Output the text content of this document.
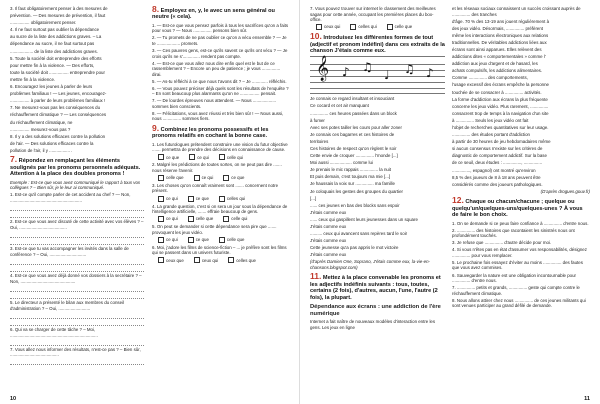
3. Il faut obligatoirement penser à des mesures de

prévention. — Des mesures de prévention, il faut

................ obligatoirement penser.

4. Il ne faut surtout pas oublier la dépendance

au sucre de la liste des addictions graves. – La

dépendance au sucre, il ne faut surtout pas

................... de la liste des addictions graves.

5. Toute la société doit entreprendre des efforts

pour mettre fin à la violence. — Des efforts,

toute la société doit ................ entreprendre pour

mettre fin à la violence.

6. Encouragez les jeunes à parler de leurs

problèmes familiaux ! — Les jeunes, encouragez-

................ à parler de leurs problèmes familiaux !

7. Ne mesurez-vous pas les conséquences du

réchauffement climatique ? — Les conséquences

du réchauffement climatique, ne

................ mesurez-vous pas ?

8. Il y a des solutions efficaces contre la pollution

de l'air. — Des solutions efficaces contre la

pollution de l'air, il y ................. .

7. Répondez en remplaçant les éléments soulignés par les pronoms personnels adéquats. Attention à la place des doubles pronoms !

Exemple : Est-ce que vous avez communiqué le rapport à tous vos collègues ? – Bien sûr, je le leur ai communiqué.

1. Est-ce qu'il compte parler de cet accident au chef ? — Non, ...........................................................

2. Est-ce que vous avez discuté de cette activité avec vos élèves ? – Oui, .......................................

3. Est-ce que tu vas accompagner les invités dans la salle de conférence ? – Oui, ..............................

4. Est-ce que vous avez déjà donné vos dossiers à la secrétaire ? – Non, .............................................

5. Le directeur a présenté le bilan aux membres du conseil d'administration ? – Oui, ..........................

6. Qui va se charger de cette tâche ? – Moi, ........................................................................

7. Vous allez nous informer des résultats, n'est-ce pas ? – Bien sûr, ........................................

8. Employez en, y, le avec un sens général ou neutre (« cela).

1. — Est-ce que vous pensez parfois à tous les sacrifices qu'on a faits pour vous ? — Nous ............... pensons bien sûr.

2. — Tu promets de ne pas oublier ce qu'on a vécu ensemble ? — Je te ................... promets.

3. — Ces pauvres gens, est-ce qu'ils savent ce qu'ils ont vécu ? — Je crois qu'ils ne s'.............. rendent pas compte.

4. — Est-ce que vous allez nous dire enfin quel est le but de ce rassemblement ? – Encore un peu de patience ; je vous ............... dirai.

5. — As-tu réfléchi à ce que nous t'avons dit ? – Je ............. réfléchis.

6. — Vous pouvez préciser déjà quels sont les résultats de l'enquête ? – En sont beaucoup plus alarmants qu'on ne ................ pensait.

7. — De lourdes épreuves nous attendent. — Nous ................... sommes bien conscients.

8. — Félicitations, vous avez réussi et très bien sûr ! — Nous aussi, nous ............... sommes fiers.

9. Combinez les pronoms possessifs et les pronoms relatifs en cochant la bonne case.

1. Les futurologues prétendent construire une vision du futur objective ....... permettra de prendre des décisions en connaissance de cause.

ce que	ce qui	celle qui

2. Malgré les prédictions de toutes sortes, on ne peut pas dire ....... nous réserve l'avenir.

celle que	ce qui	ce que

3. Les choses qu'on connaît vraiment sont ....... concernent notre présent.

ce qui	ce que	celles qui

4. La grande question, c'est si on sera un jour sous la dépendance de l'intelligence artificielle, ....... effraie beaucoup de gens.

ce qui	celle que	celle qui

5. On peut se demander si cette dépendance sera pire que ....... provoquent les jeux vidéo.

ce qui	ce que	celle que

6. Moi, j'adore les films de science-fiction – ... je préfère sont les films qui se passent dans un univers futuriste.

ceux que	ceux qui	celles que
10

7. Vous pouvez trouver sur internet le classement des meilleures sagas pour cette année, occupant les premières places du box-office.

ceux qui	celles qui	celle que
10. Introduisez les différentes formes de tout (adjectif et pronom indéfini) dans ces extraits de la chanson J'étais comme eux.
𝄞 ♪ ♫
♩ ♫ ♪

Je connais ce regard insultant et insouciant

Ce cocard et cet air manquant

............... ces heures passées dans un block

à fumer

Avec ses potes tailler les cours pour aller zoner

Je connais ces bagarres et ces histoires de

territoires

Ces histoires de respect qu'on règlent le soir

Cette envie de croquer ............... l'monde [...]

Moi aussi .................. comme lui

Je prenais le mic rappais ............... la nuit

Et puis demain, c'est toujours ma mie [...]

Je haussais la voix sur ............... ma famille

Je coloquais les gestes des groupes du quartier

[...]

...... ces jeunes en bas des blocks sans espoir

J'étais comme eux

...... ceux qui gaspillent leurs jeunesses dans un square

J'étais comme eux

.......... ceux qui avancent sans repères tard le soir

J'étais comme eux

Cette jeunesse qu'a pas appris le mot victoire

J'étais comme eux

(d'après Damien One, Soprano, J'étais comme eux, la-vie-en-chansons.blogspot.com)

11. Mettez à la place convenable les pronoms et les adjectifs indéfinis suivants : tous, toutes, certains (2 fois), d'autres, aucun, l'une, l'autre (2 fois), la plupart.
Dépendance aux écrans : une addiction de l'ère numérique

Internet a fait naître de nouveaux modèles d'interaction entre les gens. Les jeux en ligne

et les réseaux sociaux connaissent un succès croissant auprès de ............... des tranches

d'âge. 70 % des 13-19 ans jouent régulièrement à

des jeux vidéo. Désormais, ............... préfèrent

même les interactions électroniques aux relations

traditionnelles. De véritables addictions liées aux

écrans sont ainsi apparues. Elles relèvent des

addictions dites « comportementales » comme l'

addiction aux jeux d'argent et de hasard, les

achats compulsifs, les addictions alimentaires.

Comme ............... des comportements,

l'usage excessif des écrans empêche la personne

touchée de se consacrer à ............... activités.

La forme d'addiction aux écrans la plus fréquente

concerne les jeux vidéo. Plus rarement, ...............

consacrent trop de temps à la navigation d'un site

à ............... Seuls les jeux vidéo ont fait

l'objet de recherches quantitatives sur leur usage.

............... des études portant d'addiction

à partir de 30 heures de jeu hebdomadaires même

si aucun consensus n'existe sur les critères de

diagnostic de comportement addictif. Sur la base

de ce seuil, deux études : ..............., ...............

..............., espagnol) ont montré qu'environ

8,5 % des joueurs de 8 à 18 ans peuvent être

considérés comme des joueurs pathologiques.

(D'après drogues.gouv.fr)

12. Chaque ou chacun/chacune ; quelque ou quelqu'un/quelques-uns/quelques-unes ? À vous de faire le bon choix.

1. On se demande si ce peux faire confiance à ............... d'entre nous.

2. ............... des histoires que racontaient les sinistrés nous ont profondément touchés.

3. Je refuse que ............... d'autre décide pour moi.

4. Si vous n'êtes pas en état d'assumer vos responsabilités, désignez ............... pour vous remplacer.

5. Le prochaine fois essayez d'éviter au moins ............... des fautes que vous avez commises.

6. Sauvegarder la nature est une obligation incontournable pour ............... d'entre nous.

7. ............... petits et grands, ............... geste qui compte contre le réchauffement climatique.

8. Nous allons attirer chez nous ............... de ces jeunes militants qui sont venues participer au grand défilé de demande.

11
